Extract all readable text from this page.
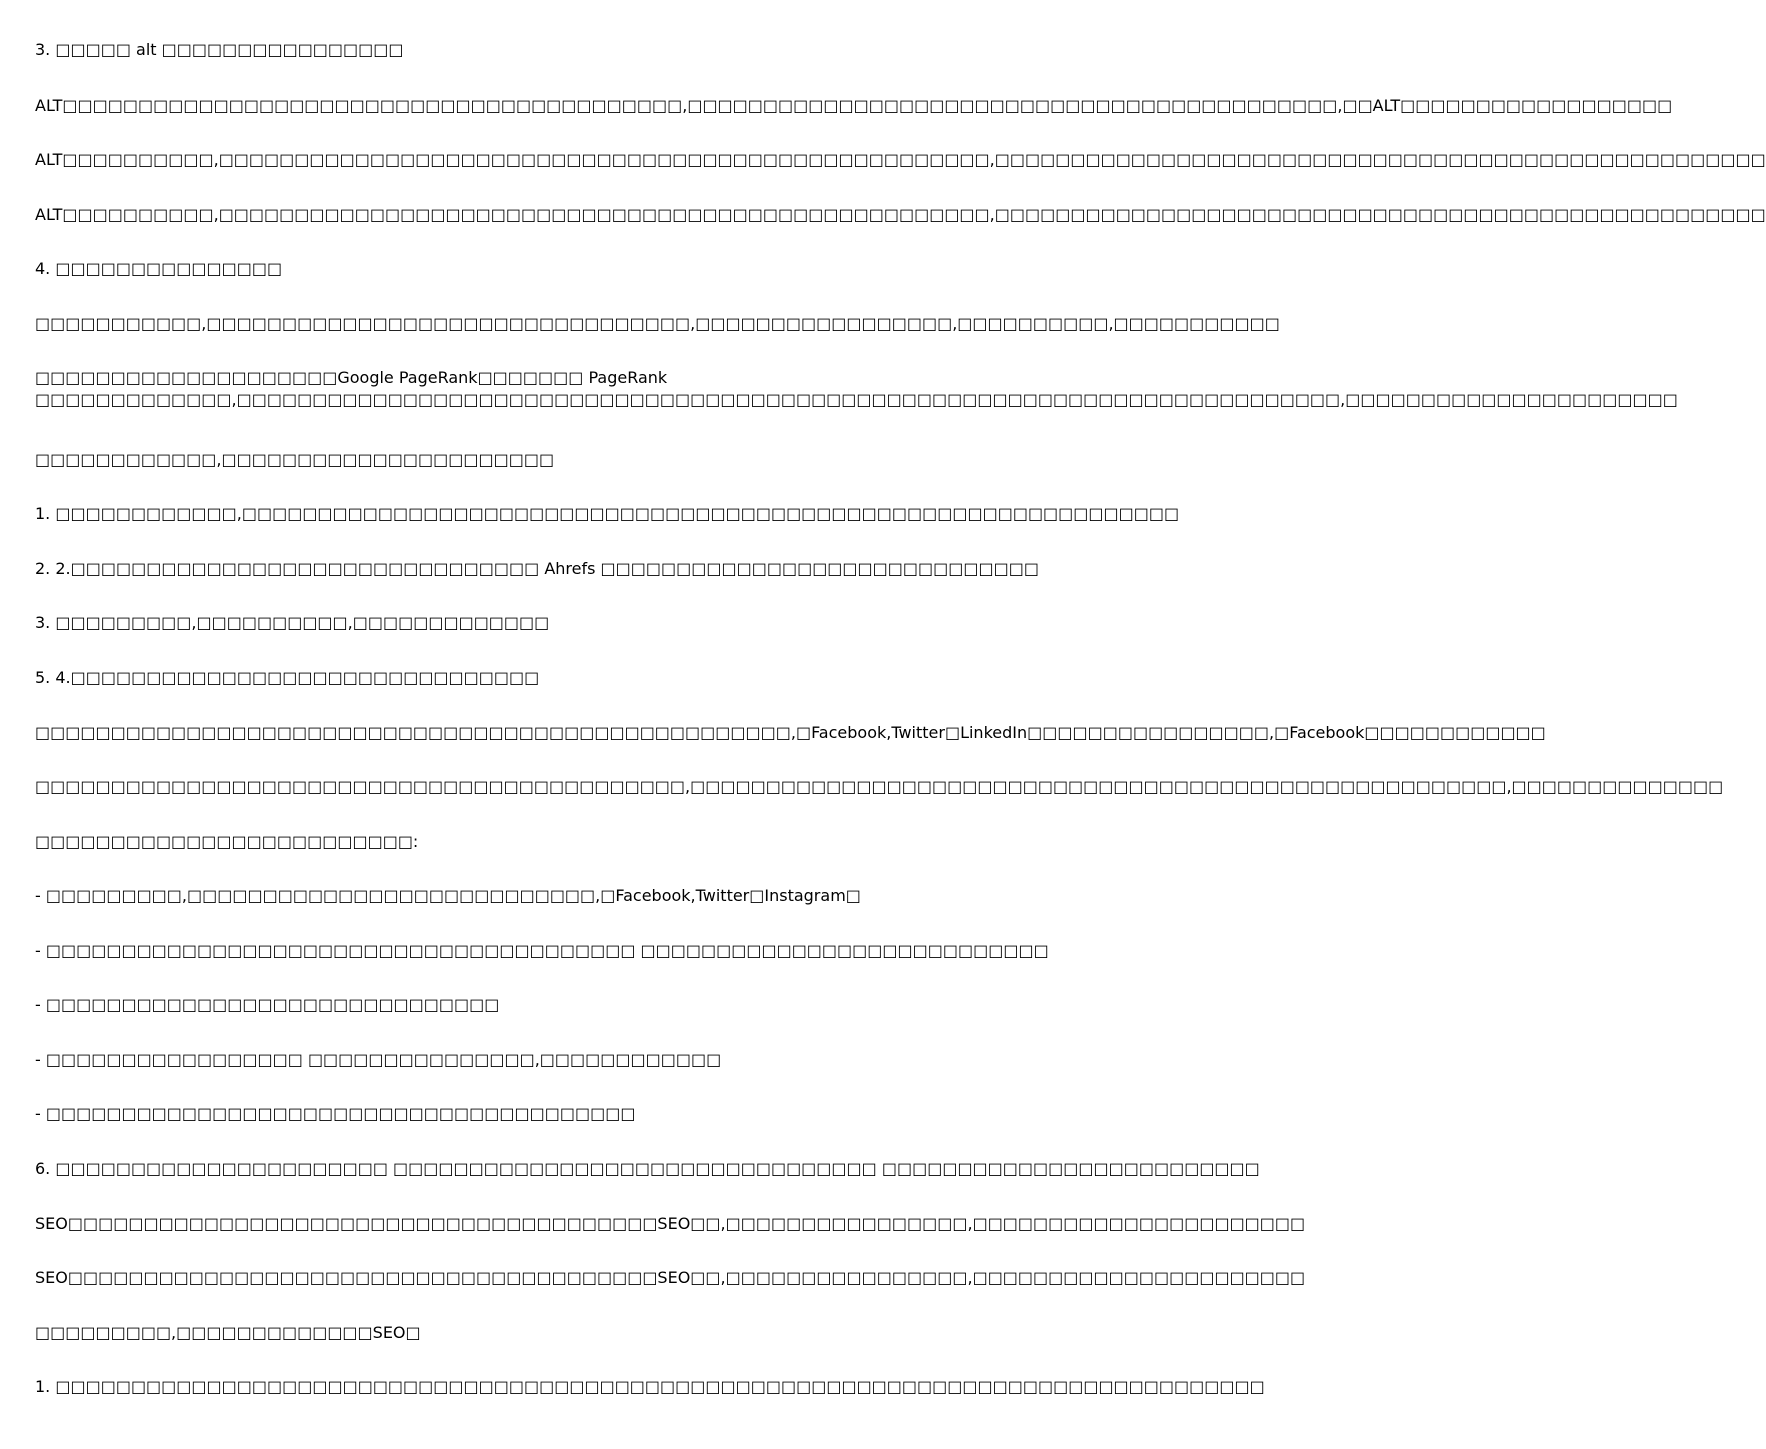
3. □□□□□ alt □□□□□□□□□□□□□□□□
ALT□□□□□□□□□□□□□□□□□□□□□□□□□□□□□□□□□□□□□□□□□,□□□□□□□□□□□□□□□□□□□□□□□□□□□□□□□□□□□□□□□□□□□,□□ALT□□□□□□□□□□□□□□□□□□
ALT□□□□□□□□□□,□□□□□□□□□□□□□□□□□□□□□□□□□□□□□□□□□□□□□□□□□□□□□□□□□□□,□□□□□□□□□□□□□□□□□□□□□□□□□□□□□□□□□□□□□□□□□□□□□□□□□□□
ALT□□□□□□□□□□,□□□□□□□□□□□□□□□□□□□□□□□□□□□□□□□□□□□□□□□□□□□□□□□□□□□,□□□□□□□□□□□□□□□□□□□□□□□□□□□□□□□□□□□□□□□□□□□□□□□□□□□
4. □□□□□□□□□□□□□□□
□□□□□□□□□□□,□□□□□□□□□□□□□□□□□□□□□□□□□□□□□□□□,□□□□□□□□□□□□□□□□□,□□□□□□□□□□,□□□□□□□□□□□
□□□□□□□□□□□□□□□□□□□□Google PageRank□□□□□□□ PageRank □□□□□□□□□□□□□,□□□□□□□□□□□□□□□□□□□□□□□□□□□□□□□□□□□□□□□□□□□□□□□□□□□□□□□□□□□□□□□□□□□□□□□□□,□□□□□□□□□□□□□□□□□□□□□□
□□□□□□□□□□□□,□□□□□□□□□□□□□□□□□□□□□□
1. □□□□□□□□□□□□,□□□□□□□□□□□□□□□□□□□□□□□□□□□□□□□□□□□□□□□□□□□□□□□□□□□□□□□□□□□□□□
2. 2.□□□□□□□□□□□□□□□□□□□□□□□□□□□□□□□ Ahrefs □□□□□□□□□□□□□□□□□□□□□□□□□□□□□
3. □□□□□□□□□,□□□□□□□□□□,□□□□□□□□□□□□□
5. 4.□□□□□□□□□□□□□□□□□□□□□□□□□□□□□□□
□□□□□□□□□□□□□□□□□□□□□□□□□□□□□□□□□□□□□□□□□□□□□□□□□□,□Facebook,Twitter□LinkedIn□□□□□□□□□□□□□□□□,□Facebook□□□□□□□□□□□□
□□□□□□□□□□□□□□□□□□□□□□□□□□□□□□□□□□□□□□□□□□□,□□□□□□□□□□□□□□□□□□□□□□□□□□□□□□□□□□□□□□□□□□□□□□□□□□□□□□,□□□□□□□□□□□□□□
□□□□□□□□□□□□□□□□□□□□□□□□□:
- □□□□□□□□□,□□□□□□□□□□□□□□□□□□□□□□□□□□□,□Facebook,Twitter□Instagram□
- □□□□□□□□□□□□□□□□□□□□□□□□□□□□□□□□□□□□□□□ □□□□□□□□□□□□□□□□□□□□□□□□□□□
- □□□□□□□□□□□□□□□□□□□□□□□□□□□□□□
- □□□□□□□□□□□□□□□□□ □□□□□□□□□□□□□□□,□□□□□□□□□□□□
- □□□□□□□□□□□□□□□□□□□□□□□□□□□□□□□□□□□□□□□
6. □□□□□□□□□□□□□□□□□□□□□□ □□□□□□□□□□□□□□□□□□□□□□□□□□□□□□□□ □□□□□□□□□□□□□□□□□□□□□□□□□
SEO□□□□□□□□□□□□□□□□□□□□□□□□□□□□□□□□□□□□□□□SEO□□,□□□□□□□□□□□□□□□□,□□□□□□□□□□□□□□□□□□□□□□
SEO□□□□□□□□□□□□□□□□□□□□□□□□□□□□□□□□□□□□□□□SEO□□,□□□□□□□□□□□□□□□□,□□□□□□□□□□□□□□□□□□□□□□
□□□□□□□□□,□□□□□□□□□□□□□SEO□
1. □□□□□□□□□□□□□□□□□□□□□□□□□□□□□□□□□□□□□□□□□□□□□□□□□□□□□□□□□□□□□□□□□□□□□□□□□□□□□□□□
